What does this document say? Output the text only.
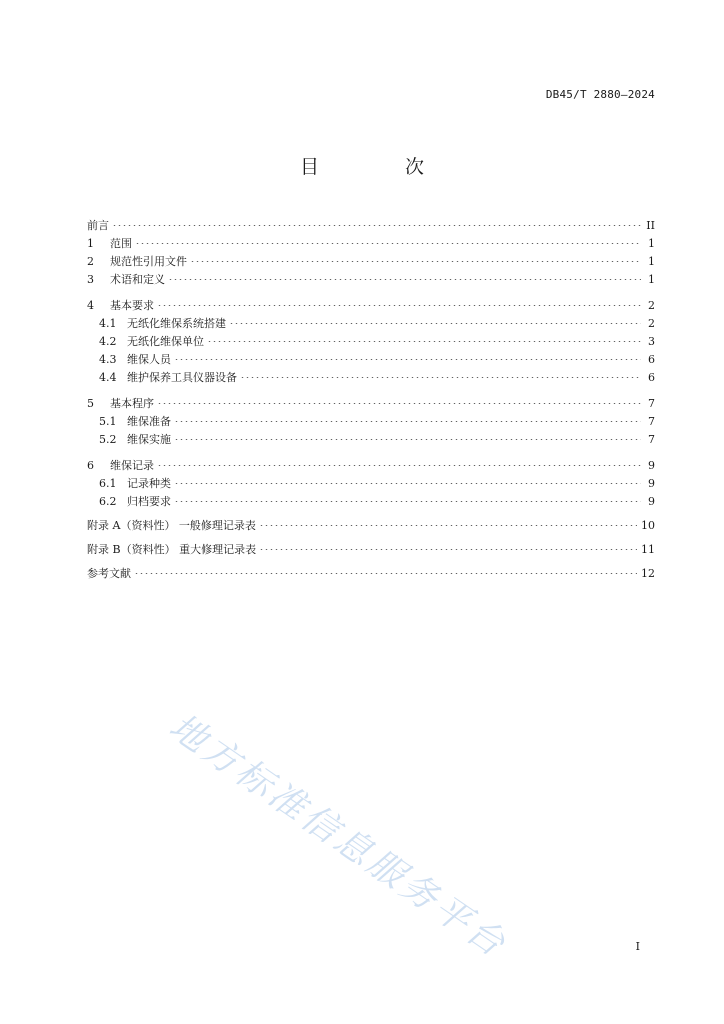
DB45/T 2880—2024
目 次
前言	II
1 范围	1
2 规范性引用文件	1
3 术语和定义	1
4 基本要求	2
4.1 无纸化维保系统搭建	2
4.2 无纸化维保单位	3
4.3 维保人员	6
4.4 维护保养工具仪器设备	6
5 基本程序	7
5.1 维保准备	7
5.2 维保实施	7
6 维保记录	9
6.1 记录种类	9
6.2 归档要求	9
附录 A（资料性） 一般修理记录表	10
附录 B（资料性） 重大修理记录表	11
参考文献	12
地方标准信息服务平台	I
